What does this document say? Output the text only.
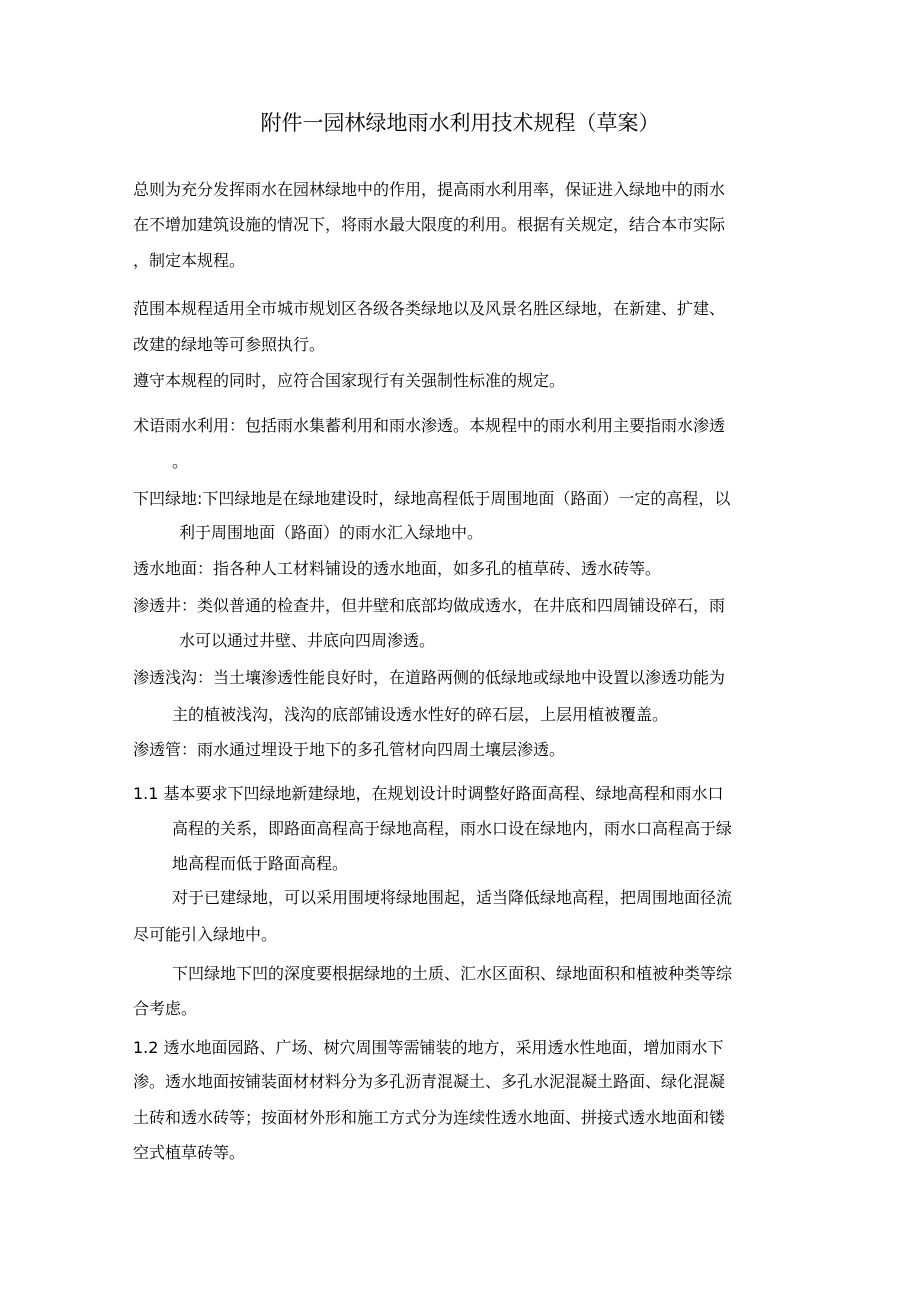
附件一园林绿地雨水利用技术规程（草案）
总则为充分发挥雨水在园林绿地中的作用，提高雨水利用率，保证进入绿地中的雨水
在不增加建筑设施的情况下，将雨水最大限度的利用。根据有关规定，结合本市实际
，制定本规程。
范围本规程适用全市城市规划区各级各类绿地以及风景名胜区绿地，在新建、扩建、
改建的绿地等可参照执行。
遵守本规程的同时，应符合国家现行有关强制性标准的规定。
术语雨水利用：包括雨水集蓄利用和雨水渗透。本规程中的雨水利用主要指雨水渗透
。
下凹绿地:下凹绿地是在绿地建设时，绿地高程低于周围地面（路面）一定的高程，以
利于周围地面（路面）的雨水汇入绿地中。
透水地面：指各种人工材料铺设的透水地面，如多孔的植草砖、透水砖等。
渗透井：类似普通的检查井，但井壁和底部均做成透水，在井底和四周铺设碎石，雨
水可以通过井壁、井底向四周渗透。
渗透浅沟：当土壤渗透性能良好时，在道路两侧的低绿地或绿地中设置以渗透功能为
主的植被浅沟，浅沟的底部铺设透水性好的碎石层，上层用植被覆盖。
渗透管：雨水通过埋设于地下的多孔管材向四周土壤层渗透。
1.1 基本要求下凹绿地新建绿地，在规划设计时调整好路面高程、绿地高程和雨水口
高程的关系，即路面高程高于绿地高程，雨水口设在绿地内，雨水口高程高于绿
地高程而低于路面高程。
对于已建绿地，可以采用围埂将绿地围起，适当降低绿地高程，把周围地面径流
尽可能引入绿地中。
下凹绿地下凹的深度要根据绿地的土质、汇水区面积、绿地面积和植被种类等综
合考虑。
1.2 透水地面园路、广场、树穴周围等需铺装的地方，采用透水性地面，增加雨水下
渗。透水地面按铺装面材材料分为多孔沥青混凝土、多孔水泥混凝土路面、绿化混凝
土砖和透水砖等；按面材外形和施工方式分为连续性透水地面、拼接式透水地面和镂
空式植草砖等。
